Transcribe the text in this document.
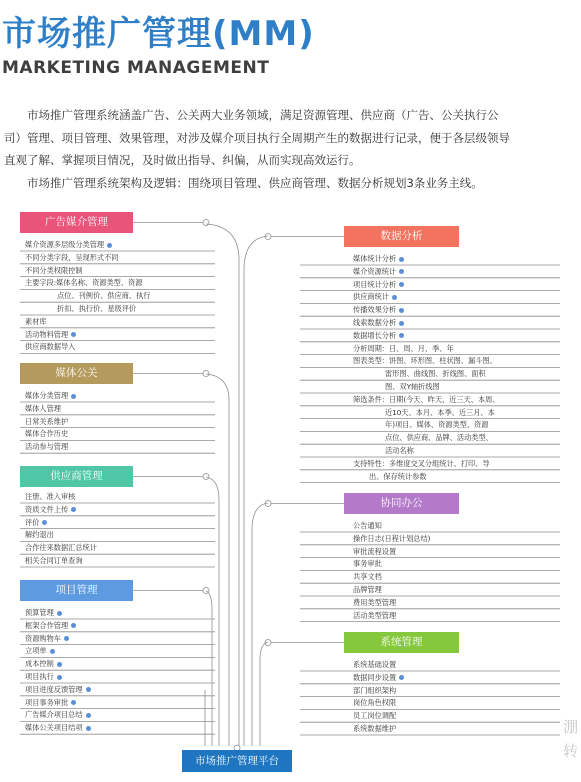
市场推广管理(MM)
MARKETING MANAGEMENT

市场推广管理系统涵盖广告、公关两大业务领域，满足资源管理、供应商（广告、公关执行公司）管理、项目管理、效果管理，对涉及媒介项目执行全周期产生的数据进行记录，便于各层级领导直观了解、掌握项目情况，及时做出指导、纠偏，从而实现高效运行。

市场推广管理系统架构及逻辑：围绕项目管理、供应商管理、数据分析规划3条业务主线。

广告媒介管理
媒介资源多层级分类管理
不同分类字段，呈现形式不同
不同分类权限控制
主要字段:媒体名称、资源类型、资源
点位、刊例价、供应商、执行
折扣、执行价、星级评价
素材库
活动物料管理
供应商数据导入
媒体公关
媒体分类管理
媒体人管理
日常关系维护
媒体合作历史
活动参与管理
供应商管理
注册、准入审核
资质文件上传
评价
解约退出
合作往来数据汇总统计
相关合同订单查询
项目管理
预算管理
框架合作管理
资源购物车
立项单
成本控制
项目执行
项目进度反馈管理
项目事务审批
广告媒介项目总结
媒体公关项目结项
数据分析
媒体统计分析
媒介资源统计
项目统计分析
供应商统计
传播效果分析
线索数据分析
数据增长分析
分析周期：日、周、月、季、年
图表类型：饼图、环形图、柱状图、漏斗图、
雷形图、曲线图、折线图、面积
图、双Y轴折线图
筛选条件：日期(今天、昨天、近三天、本周、
近10天、本月、本季、近三月、本
年)项目、媒体、资源类型、资源
点位、供应商、品牌、活动类型、
活动名称
支持特性：多维度交叉分组统计、打印、导
出、保存统计参数
协同办公
公告通知
操作日志(日程计划总结)
审批流程设置
事务审批
共享文档
品牌管理
费用类型管理
活动类型管理
系统管理
系统基础设置
数据同步设置
部门组织架构
岗位角色权限
员工岗位调配
系统数据维护
市场推广管理平台
淜
转
